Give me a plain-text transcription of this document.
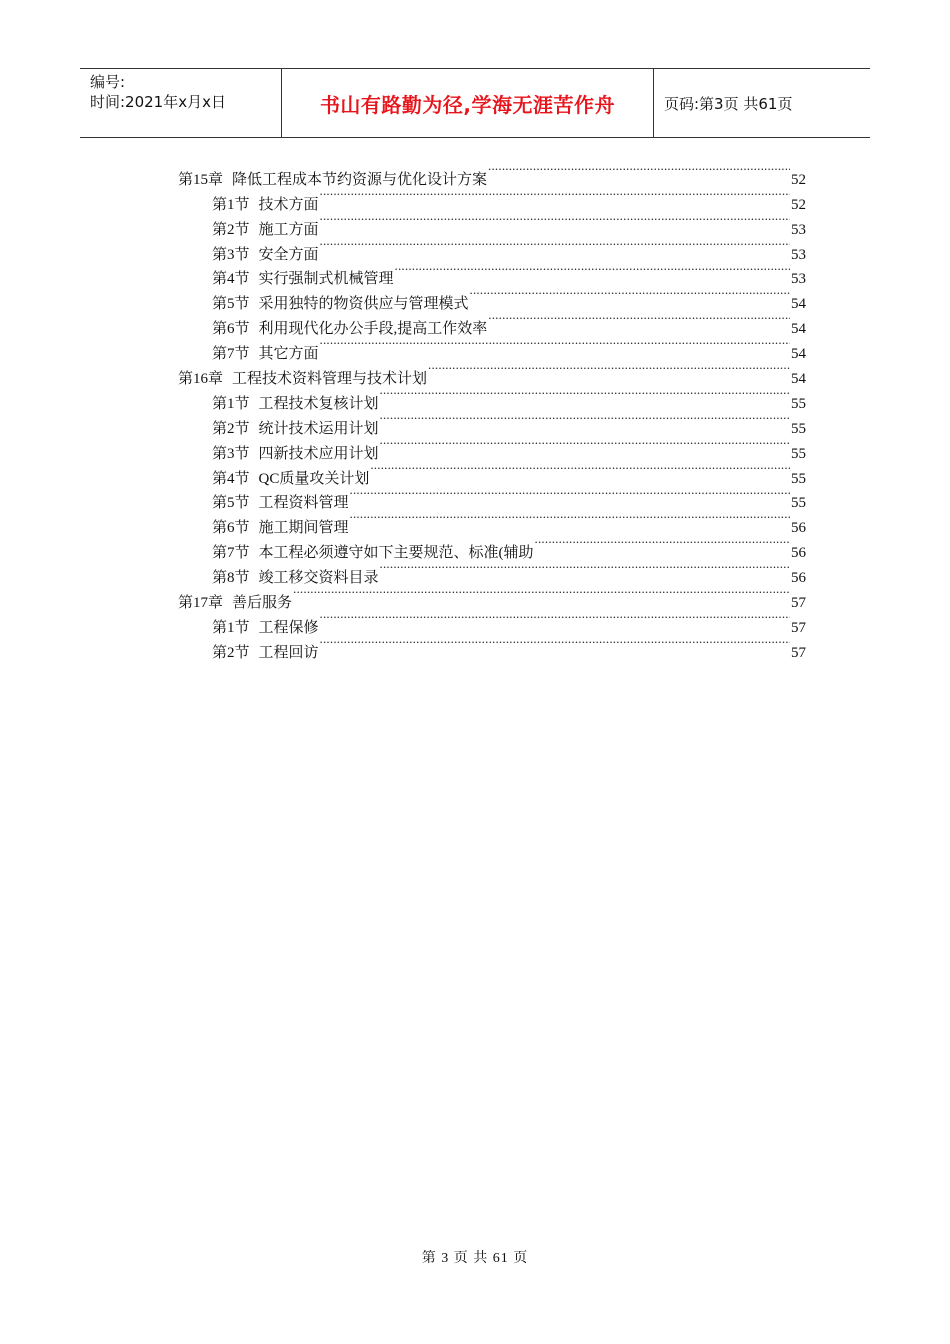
编号:
时间:2021年x月x日	书山有路勤为径,学海无涯苦作舟	页码:第3页 共61页
第15章 降低工程成本节约资源与优化设计方案 .....	52
第1节 技术方面 .....	52
第2节 施工方面 .....	53
第3节 安全方面 .....	53
第4节 实行强制式机械管理 .....	53
第5节 采用独特的物资供应与管理模式 .....	54
第6节 利用现代化办公手段,提高工作效率 .....	54
第7节 其它方面 .....	54
第16章 工程技术资料管理与技术计划 .....	54
第1节 工程技术复核计划 .....	55
第2节 统计技术运用计划 .....	55
第3节 四新技术应用计划 .....	55
第4节 QC质量攻关计划 .....	55
第5节 工程资料管理 .....	55
第6节 施工期间管理 .....	56
第7节 本工程必须遵守如下主要规范、标准(辅助 .....	56
第8节 竣工移交资料目录 .....	56
第17章 善后服务 .....	57
第1节 工程保修 .....	57
第2节 工程回访 .....	57
第 3 页 共 61 页
